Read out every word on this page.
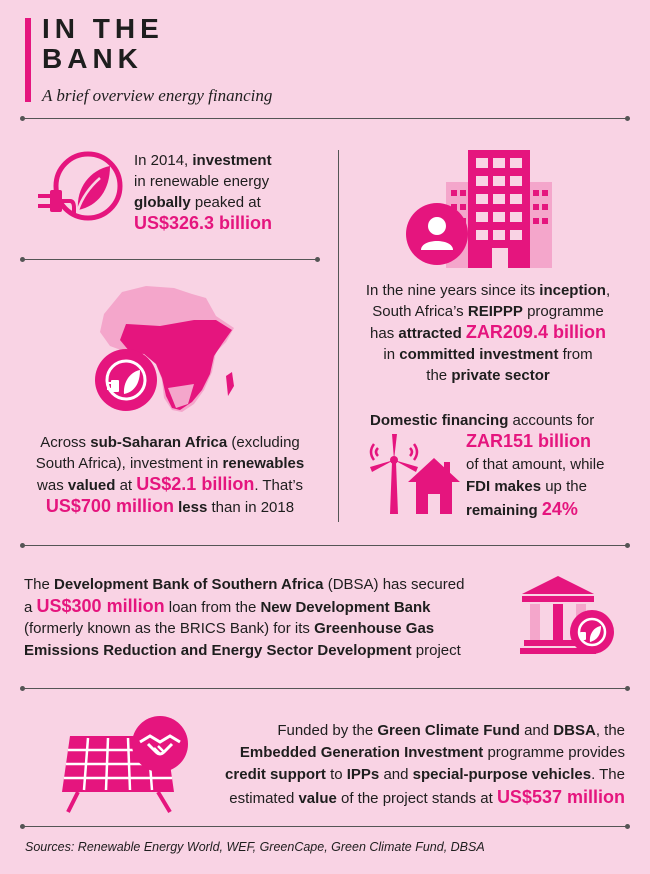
IN THE
BANK
A brief overview energy financing
In 2014, investment
in renewable energy
globally peaked at
US$326.3 billion
Across sub-Saharan Africa (excluding
South Africa), investment in renewables
was valued at US$2.1 billion. That’s
US$700 million less than in 2018
In the nine years since its inception,
South Africa’s REIPPP programme
has attracted ZAR209.4 billion
in committed investment from
the private sector
Domestic financing accounts for
ZAR151 billion
of that amount, while
FDI makes up the
remaining 24%
The Development Bank of Southern Africa (DBSA) has secured
a US$300 million loan from the New Development Bank
(formerly known as the BRICS Bank) for its Greenhouse Gas
Emissions Reduction and Energy Sector Development project
Funded by the Green Climate Fund and DBSA, the
Embedded Generation Investment programme provides
credit support to IPPs and special-purpose vehicles. The
estimated value of the project stands at US$537 million
Sources: Renewable Energy World, WEF, GreenCape, Green Climate Fund, DBSA
